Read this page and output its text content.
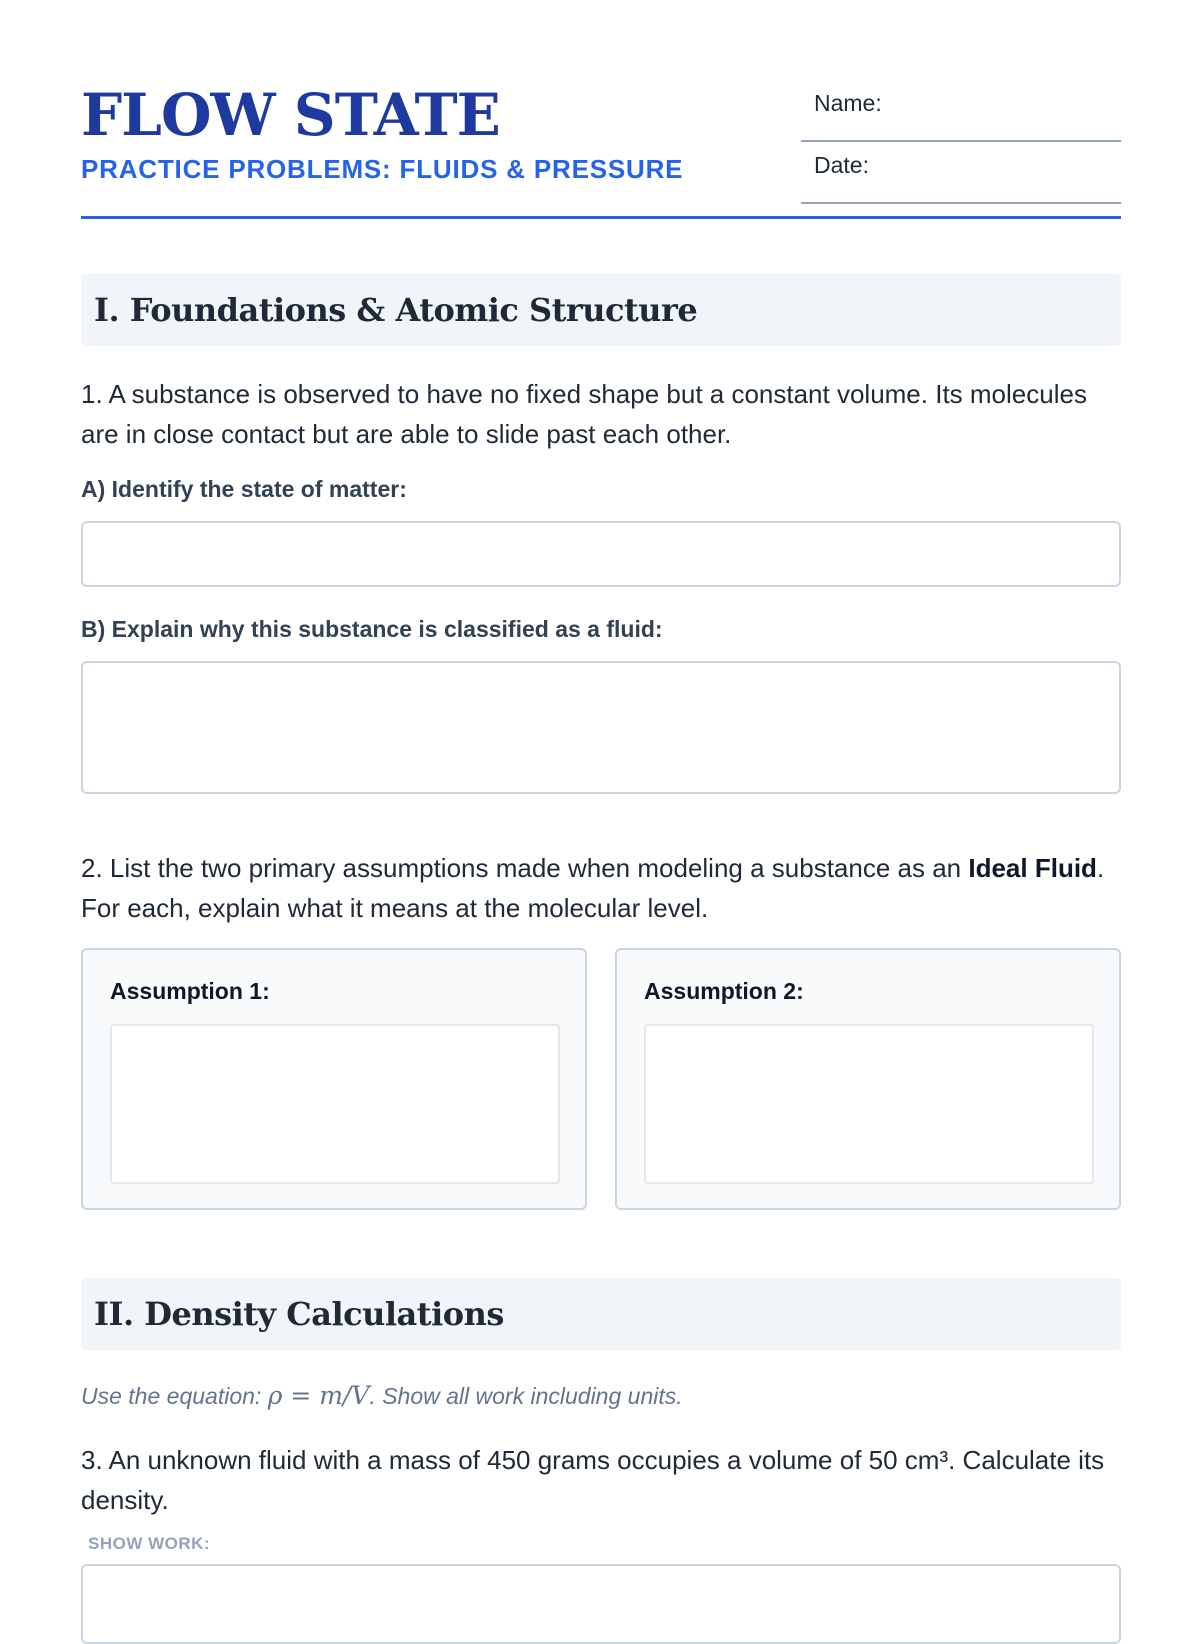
FLOW STATE
PRACTICE PROBLEMS: FLUIDS & PRESSURE
Name:
Date:
I. Foundations & Atomic Structure
1. A substance is observed to have no fixed shape but a constant volume. Its molecules are in close contact but are able to slide past each other.
A) Identify the state of matter:
B) Explain why this substance is classified as a fluid:
2. List the two primary assumptions made when modeling a substance as an Ideal Fluid. For each, explain what it means at the molecular level.
Assumption 1:	Assumption 2:
II. Density Calculations
Use the equation: ρ = m/V. Show all work including units.
3. An unknown fluid with a mass of 450 grams occupies a volume of 50 cm³. Calculate its density.
SHOW WORK:
